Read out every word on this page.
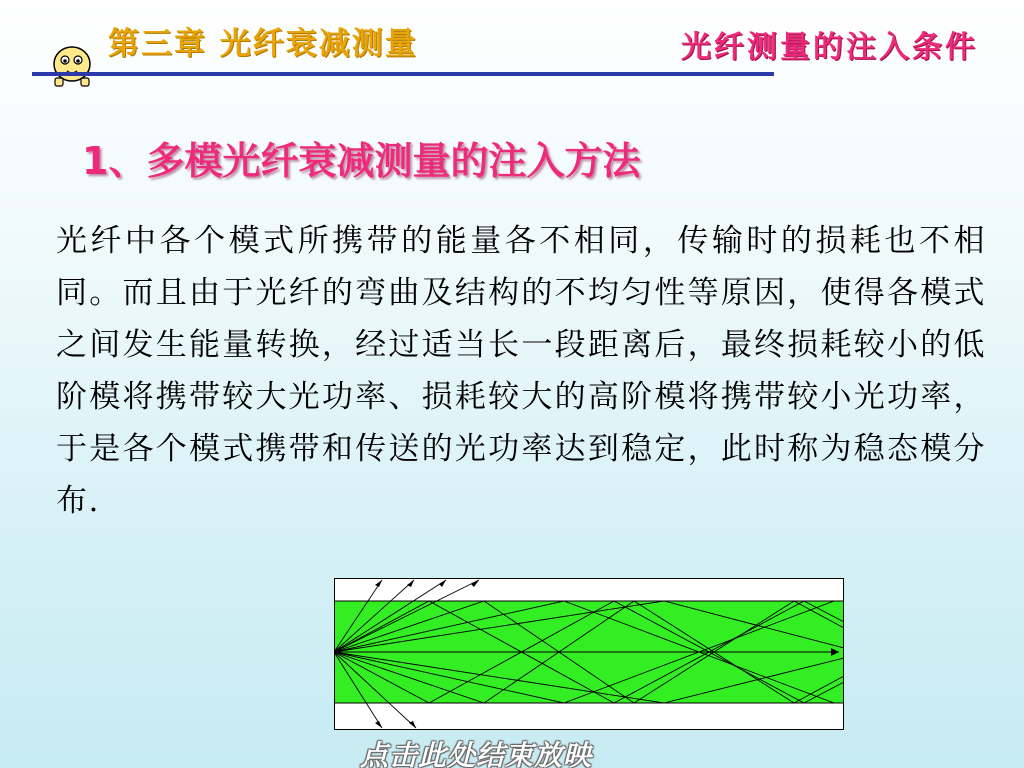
第三章 光纤衰减测量	光纤测量的注入条件
1、多模光纤衰减测量的注入方法
光纤中各个模式所携带的能量各不相同，传输时的损耗也不相同。而且由于光纤的弯曲及结构的不均匀性等原因，使得各模式之间发生能量转换，经过适当长一段距离后，最终损耗较小的低阶模将携带较大光功率、损耗较大的高阶模将携带较小光功率，于是各个模式携带和传送的光功率达到稳定，此时称为稳态模分布.
点击此处结束放映
